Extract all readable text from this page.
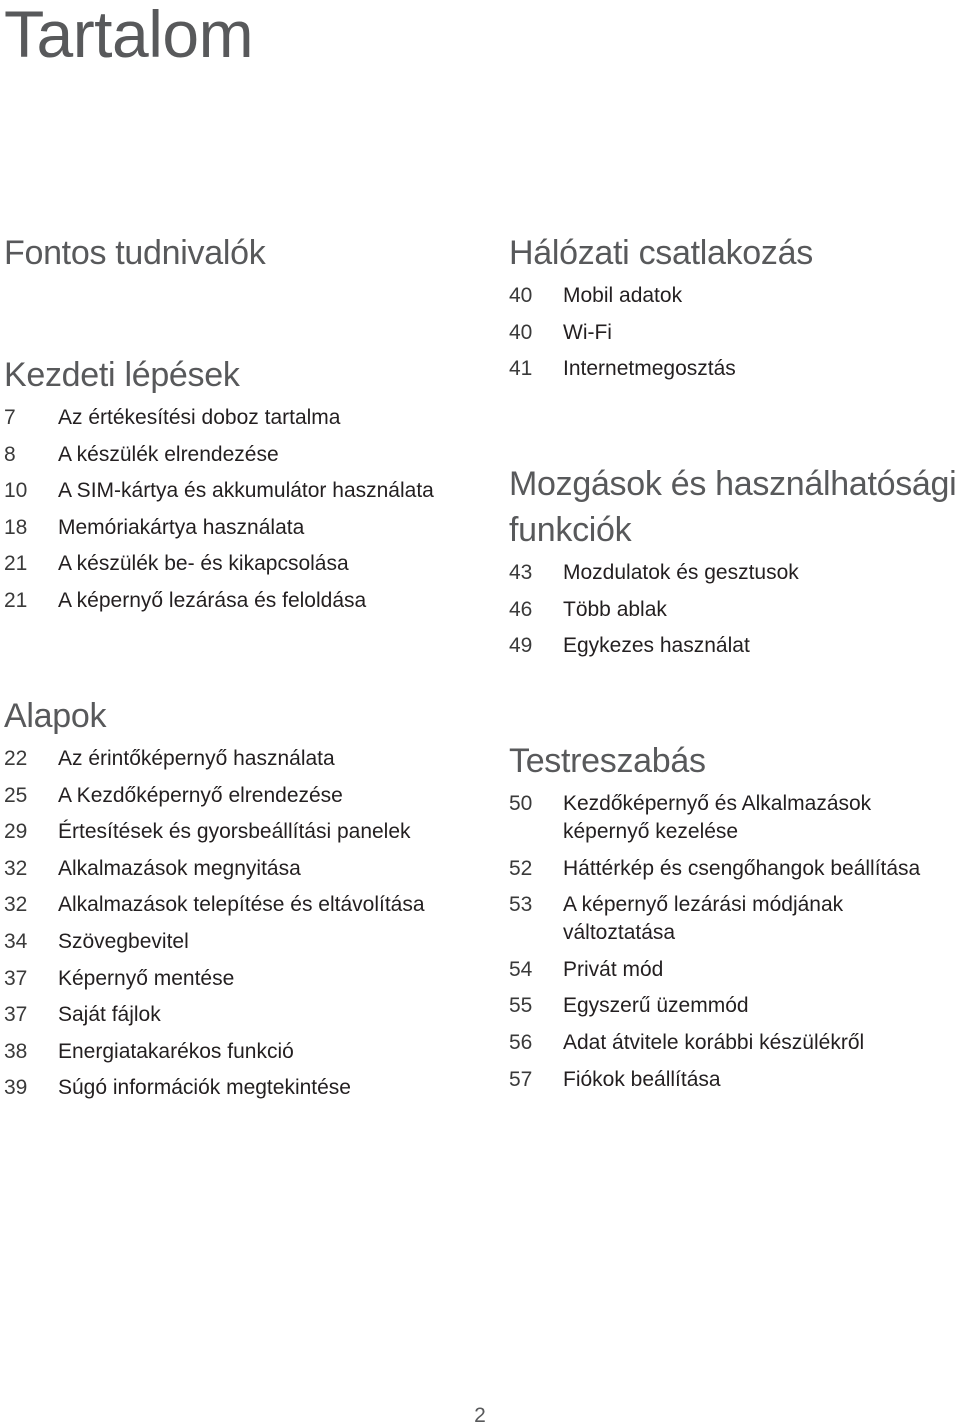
Tartalom
Fontos tudnivalók
Kezdeti lépések
7	Az értékesítési doboz tartalma
8	A készülék elrendezése
10	A SIM-kártya és akkumulátor használata
18	Memóriakártya használata
21	A készülék be- és kikapcsolása
21	A képernyő lezárása és feloldása
Alapok
22	Az érintőképernyő használata
25	A Kezdőképernyő elrendezése
29	Értesítések és gyorsbeállítási panelek
32	Alkalmazások megnyitása
32	Alkalmazások telepítése és eltávolítása
34	Szövegbevitel
37	Képernyő mentése
37	Saját fájlok
38	Energiatakarékos funkció
39	Súgó információk megtekintése
Hálózati csatlakozás
40	Mobil adatok
40	Wi-Fi
41	Internetmegosztás
Mozgások és használhatósági funkciók
43	Mozdulatok és gesztusok
46	Több ablak
49	Egykezes használat
Testreszabás
50	Kezdőképernyő és Alkalmazások képernyő kezelése
52	Háttérkép és csengőhangok beállítása
53	A képernyő lezárási módjának változtatása
54	Privát mód
55	Egyszerű üzemmód
56	Adat átvitele korábbi készülékről
57	Fiókok beállítása
2
